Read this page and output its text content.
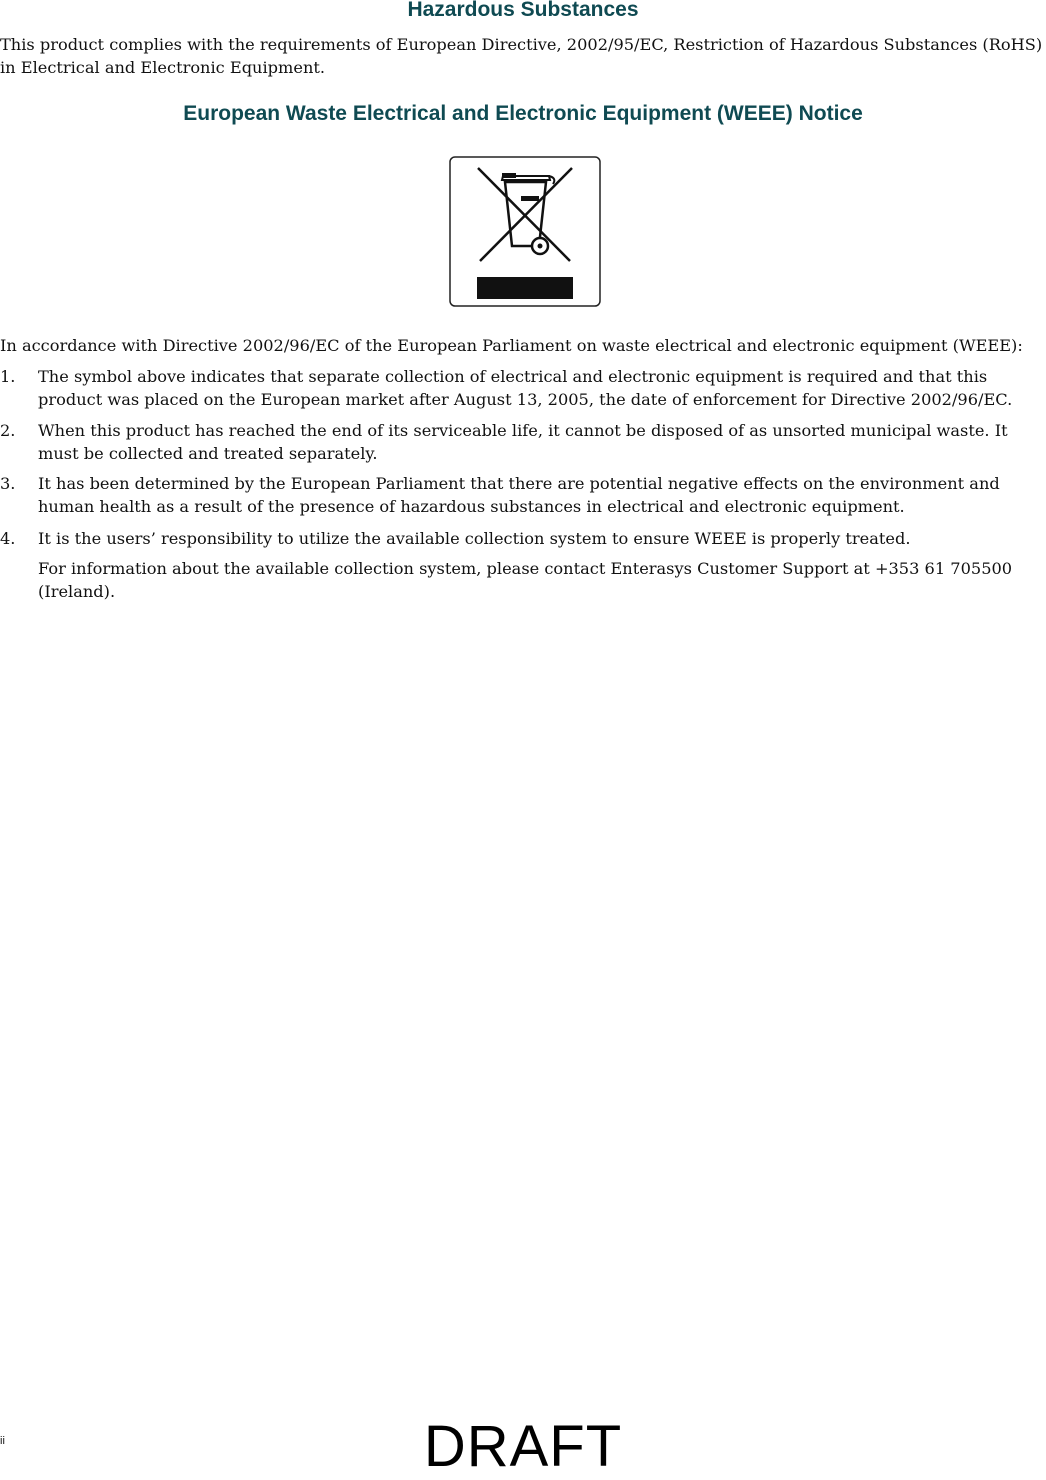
Hazardous Substances

This product complies with the requirements of European Directive, 2002/95/EC, Restriction of Hazardous Substances (RoHS) in Electrical and Electronic Equipment.

European Waste Electrical and Electronic Equipment (WEEE) Notice

In accordance with Directive 2002/96/EC of the European Parliament on waste electrical and electronic equipment (WEEE):

1.	The symbol above indicates that separate collection of electrical and electronic equipment is required and that this product was placed on the European market after August 13, 2005, the date of enforcement for Directive 2002/96/EC.
2.	When this product has reached the end of its serviceable life, it cannot be disposed of as unsorted municipal waste. It must be collected and treated separately.
3.	It has been determined by the European Parliament that there are potential negative effects on the environment and human health as a result of the presence of hazardous substances in electrical and electronic equipment.
4.	It is the users’ responsibility to utilize the available collection system to ensure WEEE is properly treated.
For information about the available collection system, please contact Enterasys Customer Support at +353 61 705500 (Ireland).
ii	DRAFT
